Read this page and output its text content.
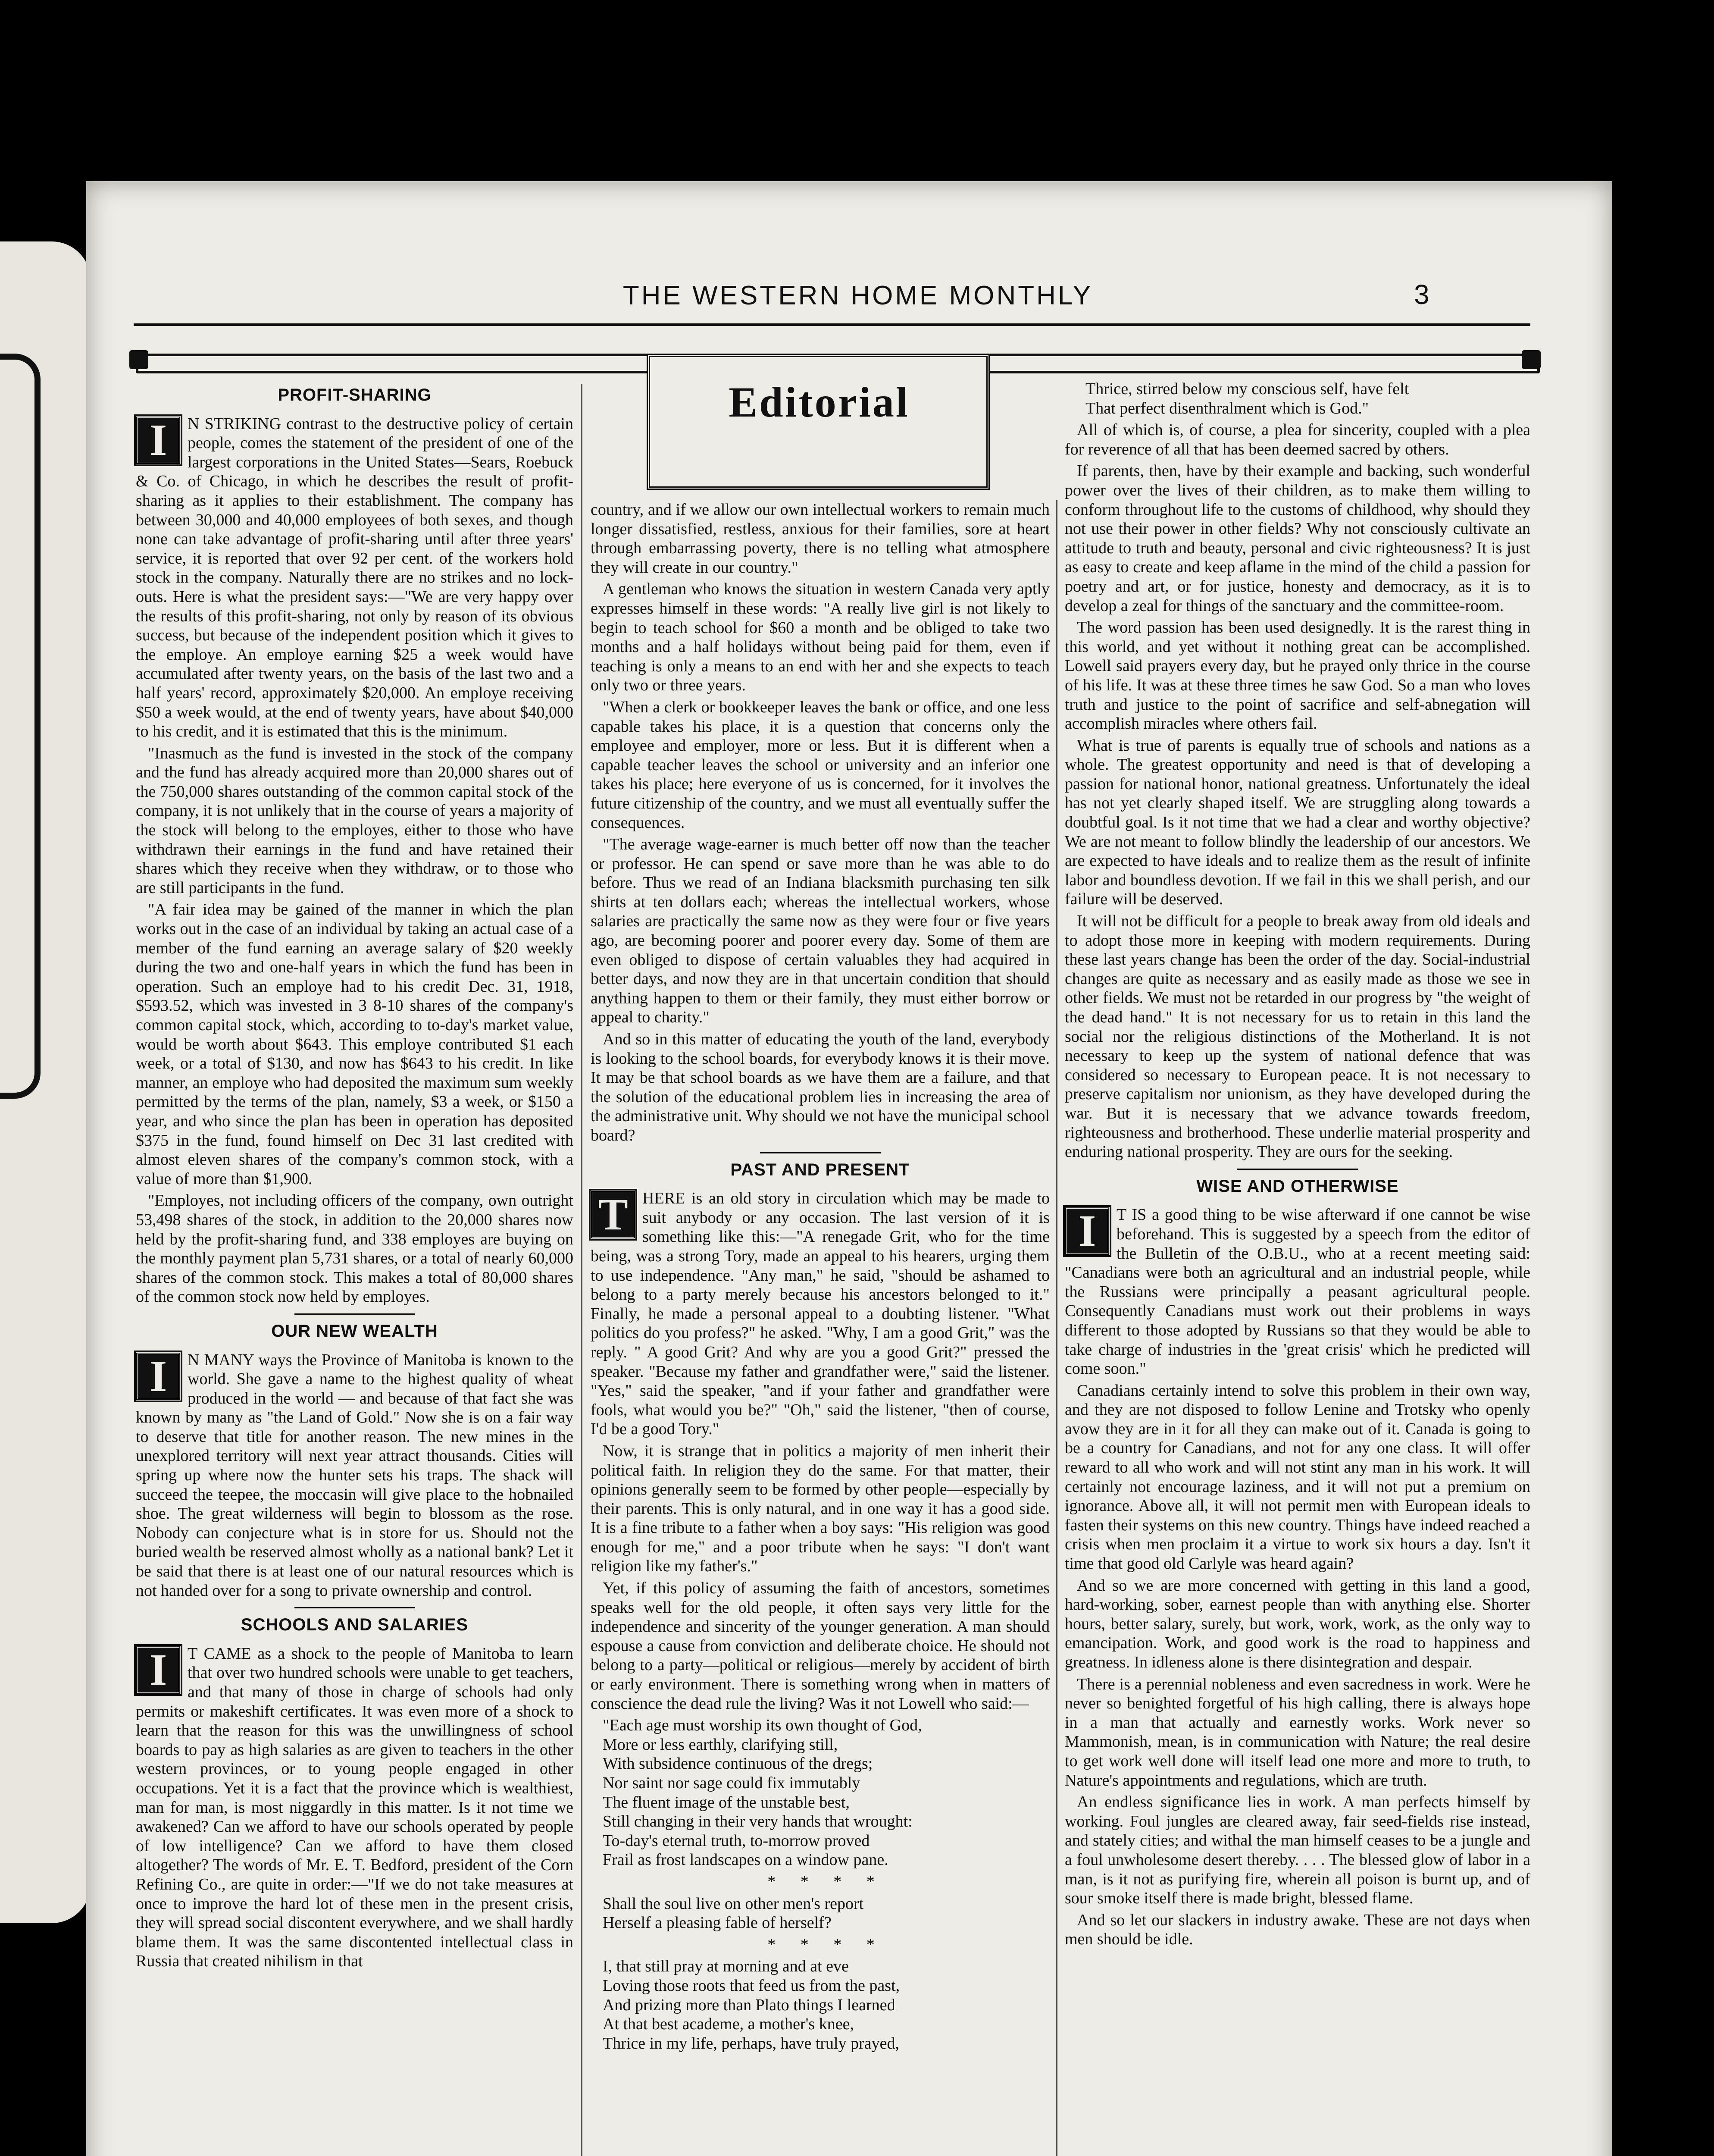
THE WESTERN HOME MONTHLY	3
Editorial
PROFIT-SHARING

I	N STRIKING contrast to the destructive policy of certain people, comes the statement of the president of one of the largest corporations in the United States—Sears, Roebuck & Co. of Chicago, in which he describes the result of profit-sharing as it applies to their establishment. The company has between 30,000 and 40,000 employees of both sexes, and though none can take advantage of profit-sharing until after three years' service, it is reported that over 92 per cent. of the workers hold stock in the company. Naturally there are no strikes and no lock-outs. Here is what the president says:—"We are very happy over the results of this profit-sharing, not only by reason of its obvious success, but because of the independent position which it gives to the employe. An employe earning $25 a week would have accumulated after twenty years, on the basis of the last two and a half years' record, approximately $20,000. An employe receiving $50 a week would, at the end of twenty years, have about $40,000 to his credit, and it is estimated that this is the minimum.

"Inasmuch as the fund is invested in the stock of the company and the fund has already acquired more than 20,000 shares out of the 750,000 shares outstanding of the common capital stock of the company, it is not unlikely that in the course of years a majority of the stock will belong to the employes, either to those who have withdrawn their earnings in the fund and have retained their shares which they receive when they withdraw, or to those who are still participants in the fund.

"A fair idea may be gained of the manner in which the plan works out in the case of an individual by taking an actual case of a member of the fund earning an average salary of $20 weekly during the two and one-half years in which the fund has been in operation. Such an employe had to his credit Dec. 31, 1918, $593.52, which was invested in 3 8-10 shares of the company's common capital stock, which, according to to-day's market value, would be worth about $643. This employe contributed $1 each week, or a total of $130, and now has $643 to his credit. In like manner, an employe who had deposited the maximum sum weekly permitted by the terms of the plan, namely, $3 a week, or $150 a year, and who since the plan has been in operation has deposited $375 in the fund, found himself on Dec 31 last credited with almost eleven shares of the company's common stock, with a value of more than $1,900.

"Employes, not including officers of the company, own outright 53,498 shares of the stock, in addition to the 20,000 shares now held by the profit-sharing fund, and 338 employes are buying on the monthly payment plan 5,731 shares, or a total of nearly 60,000 shares of the common stock. This makes a total of 80,000 shares of the common stock now held by employes.

OUR NEW WEALTH

I	N MANY ways the Province of Manitoba is known to the world. She gave a name to the highest quality of wheat produced in the world — and because of that fact she was known by many as "the Land of Gold." Now she is on a fair way to deserve that title for another reason. The new mines in the unexplored territory will next year attract thousands. Cities will spring up where now the hunter sets his traps. The shack will succeed the teepee, the moccasin will give place to the hobnailed shoe. The great wilderness will begin to blossom as the rose. Nobody can conjecture what is in store for us. Should not the buried wealth be reserved almost wholly as a national bank? Let it be said that there is at least one of our natural resources which is not handed over for a song to private ownership and control.

SCHOOLS AND SALARIES

I	T CAME as a shock to the people of Manitoba to learn that over two hundred schools were unable to get teachers, and that many of those in charge of schools had only permits or makeshift certificates. It was even more of a shock to learn that the reason for this was the unwillingness of school boards to pay as high salaries as are given to teachers in the other western provinces, or to young people engaged in other occupations. Yet it is a fact that the province which is wealthiest, man for man, is most niggardly in this matter. Is it not time we awakened? Can we afford to have our schools operated by people of low intelligence? Can we afford to have them closed altogether? The words of Mr. E. T. Bedford, president of the Corn Refining Co., are quite in order:—"If we do not take measures at once to improve the hard lot of these men in the present crisis, they will spread social discontent everywhere, and we shall hardly blame them. It was the same discontented intellectual class in Russia that created nihilism in that

country, and if we allow our own intellectual workers to remain much longer dissatisfied, restless, anxious for their families, sore at heart through embarrassing poverty, there is no telling what atmosphere they will create in our country."

A gentleman who knows the situation in western Canada very aptly expresses himself in these words: "A really live girl is not likely to begin to teach school for $60 a month and be obliged to take two months and a half holidays without being paid for them, even if teaching is only a means to an end with her and she expects to teach only two or three years.

"When a clerk or bookkeeper leaves the bank or office, and one less capable takes his place, it is a question that concerns only the employee and employer, more or less. But it is different when a capable teacher leaves the school or university and an inferior one takes his place; here everyone of us is concerned, for it involves the future citizenship of the country, and we must all eventually suffer the consequences.

"The average wage-earner is much better off now than the teacher or professor. He can spend or save more than he was able to do before. Thus we read of an Indiana blacksmith purchasing ten silk shirts at ten dollars each; whereas the intellectual workers, whose salaries are practically the same now as they were four or five years ago, are becoming poorer and poorer every day. Some of them are even obliged to dispose of certain valuables they had acquired in better days, and now they are in that uncertain condition that should anything happen to them or their family, they must either borrow or appeal to charity."

And so in this matter of educating the youth of the land, everybody is looking to the school boards, for everybody knows it is their move. It may be that school boards as we have them are a failure, and that the solution of the educational problem lies in increasing the area of the administrative unit. Why should we not have the municipal school board?

PAST AND PRESENT

T HERE is an old story in circulation which may be made to suit anybody or any occasion. The last version of it is something like this:—"A renegade Grit, who for the time being, was a strong Tory, made an appeal to his hearers, urging them to use independence. "Any man," he said, "should be ashamed to belong to a party merely because his ancestors belonged to it." Finally, he made a personal appeal to a doubting listener. "What politics do you profess?" he asked. "Why, I am a good Grit," was the reply. " A good Grit? And why are you a good Grit?" pressed the speaker. "Because my father and grandfather were," said the listener. "Yes," said the speaker, "and if your father and grandfather were fools, what would you be?" "Oh," said the listener, "then of course, I'd be a good Tory."

Now, it is strange that in politics a majority of men inherit their political faith. In religion they do the same. For that matter, their opinions generally seem to be formed by other people—especially by their parents. This is only natural, and in one way it has a good side. It is a fine tribute to a father when a boy says: "His religion was good enough for me," and a poor tribute when he says: "I don't want religion like my father's."

Yet, if this policy of assuming the faith of ancestors, sometimes speaks well for the old people, it often says very little for the independence and sincerity of the younger generation. A man should espouse a cause from conviction and deliberate choice. He should not belong to a party—political or religious—merely by accident of birth or early environment. There is something wrong when in matters of conscience the dead rule the living? Was it not Lowell who said:—

"Each age must worship its own thought of God,
More or less earthly, clarifying still,
With subsidence continuous of the dregs;
Nor saint nor sage could fix immutably
The fluent image of the unstable best,
Still changing in their very hands that wrought:
To-day's eternal truth, to-morrow proved
Frail as frost landscapes on a window pane.

* * * *

Shall the soul live on other men's report
Herself a pleasing fable of herself?

* * * *

I, that still pray at morning and at eve
Loving those roots that feed us from the past,
And prizing more than Plato things I learned
At that best academe, a mother's knee,
Thrice in my life, perhaps, have truly prayed,

Thrice, stirred below my conscious self, have felt
That perfect disenthralment which is God."

All of which is, of course, a plea for sincerity, coupled with a plea for reverence of all that has been deemed sacred by others.

If parents, then, have by their example and backing, such wonderful power over the lives of their children, as to make them willing to conform throughout life to the customs of childhood, why should they not use their power in other fields? Why not consciously cultivate an attitude to truth and beauty, personal and civic righteousness? It is just as easy to create and keep aflame in the mind of the child a passion for poetry and art, or for justice, honesty and democracy, as it is to develop a zeal for things of the sanctuary and the committee-room.

The word passion has been used designedly. It is the rarest thing in this world, and yet without it nothing great can be accomplished. Lowell said prayers every day, but he prayed only thrice in the course of his life. It was at these three times he saw God. So a man who loves truth and justice to the point of sacrifice and self-abnegation will accomplish miracles where others fail.

What is true of parents is equally true of schools and nations as a whole. The greatest opportunity and need is that of developing a passion for national honor, national greatness. Unfortunately the ideal has not yet clearly shaped itself. We are struggling along towards a doubtful goal. Is it not time that we had a clear and worthy objective? We are not meant to follow blindly the leadership of our ancestors. We are expected to have ideals and to realize them as the result of infinite labor and boundless devotion. If we fail in this we shall perish, and our failure will be deserved.

It will not be difficult for a people to break away from old ideals and to adopt those more in keeping with modern requirements. During these last years change has been the order of the day. Social-industrial changes are quite as necessary and as easily made as those we see in other fields. We must not be retarded in our progress by "the weight of the dead hand." It is not necessary for us to retain in this land the social nor the religious distinctions of the Motherland. It is not necessary to keep up the system of national defence that was considered so necessary to European peace. It is not necessary to preserve capitalism nor unionism, as they have developed during the war. But it is necessary that we advance towards freedom, righteousness and brotherhood. These underlie material prosperity and enduring national prosperity. They are ours for the seeking.

WISE AND OTHERWISE

I	T IS a good thing to be wise afterward if one cannot be wise beforehand. This is suggested by a speech from the editor of the Bulletin of the O.B.U., who at a recent meeting said: "Canadians were both an agricultural and an industrial people, while the Russians were principally a peasant agricultural people. Consequently Canadians must work out their problems in ways different to those adopted by Russians so that they would be able to take charge of industries in the 'great crisis' which he predicted will come soon."

Canadians certainly intend to solve this problem in their own way, and they are not disposed to follow Lenine and Trotsky who openly avow they are in it for all they can make out of it. Canada is going to be a country for Canadians, and not for any one class. It will offer reward to all who work and will not stint any man in his work. It will certainly not encourage laziness, and it will not put a premium on ignorance. Above all, it will not permit men with European ideals to fasten their systems on this new country. Things have indeed reached a crisis when men proclaim it a virtue to work six hours a day. Isn't it time that good old Carlyle was heard again?

And so we are more concerned with getting in this land a good, hard-working, sober, earnest people than with anything else. Shorter hours, better salary, surely, but work, work, work, as the only way to emancipation. Work, and good work is the road to happiness and greatness. In idleness alone is there disintegration and despair.

There is a perennial nobleness and even sacredness in work. Were he never so benighted forgetful of his high calling, there is always hope in a man that actually and earnestly works. Work never so Mammonish, mean, is in communication with Nature; the real desire to get work well done will itself lead one more and more to truth, to Nature's appointments and regulations, which are truth.

An endless significance lies in work. A man perfects himself by working. Foul jungles are cleared away, fair seed-fields rise instead, and stately cities; and withal the man himself ceases to be a jungle and a foul unwholesome desert thereby. . . . The blessed glow of labor in a man, is it not as purifying fire, wherein all poison is burnt up, and of sour smoke itself there is made bright, blessed flame.

And so let our slackers in industry awake. These are not days when men should be idle.
